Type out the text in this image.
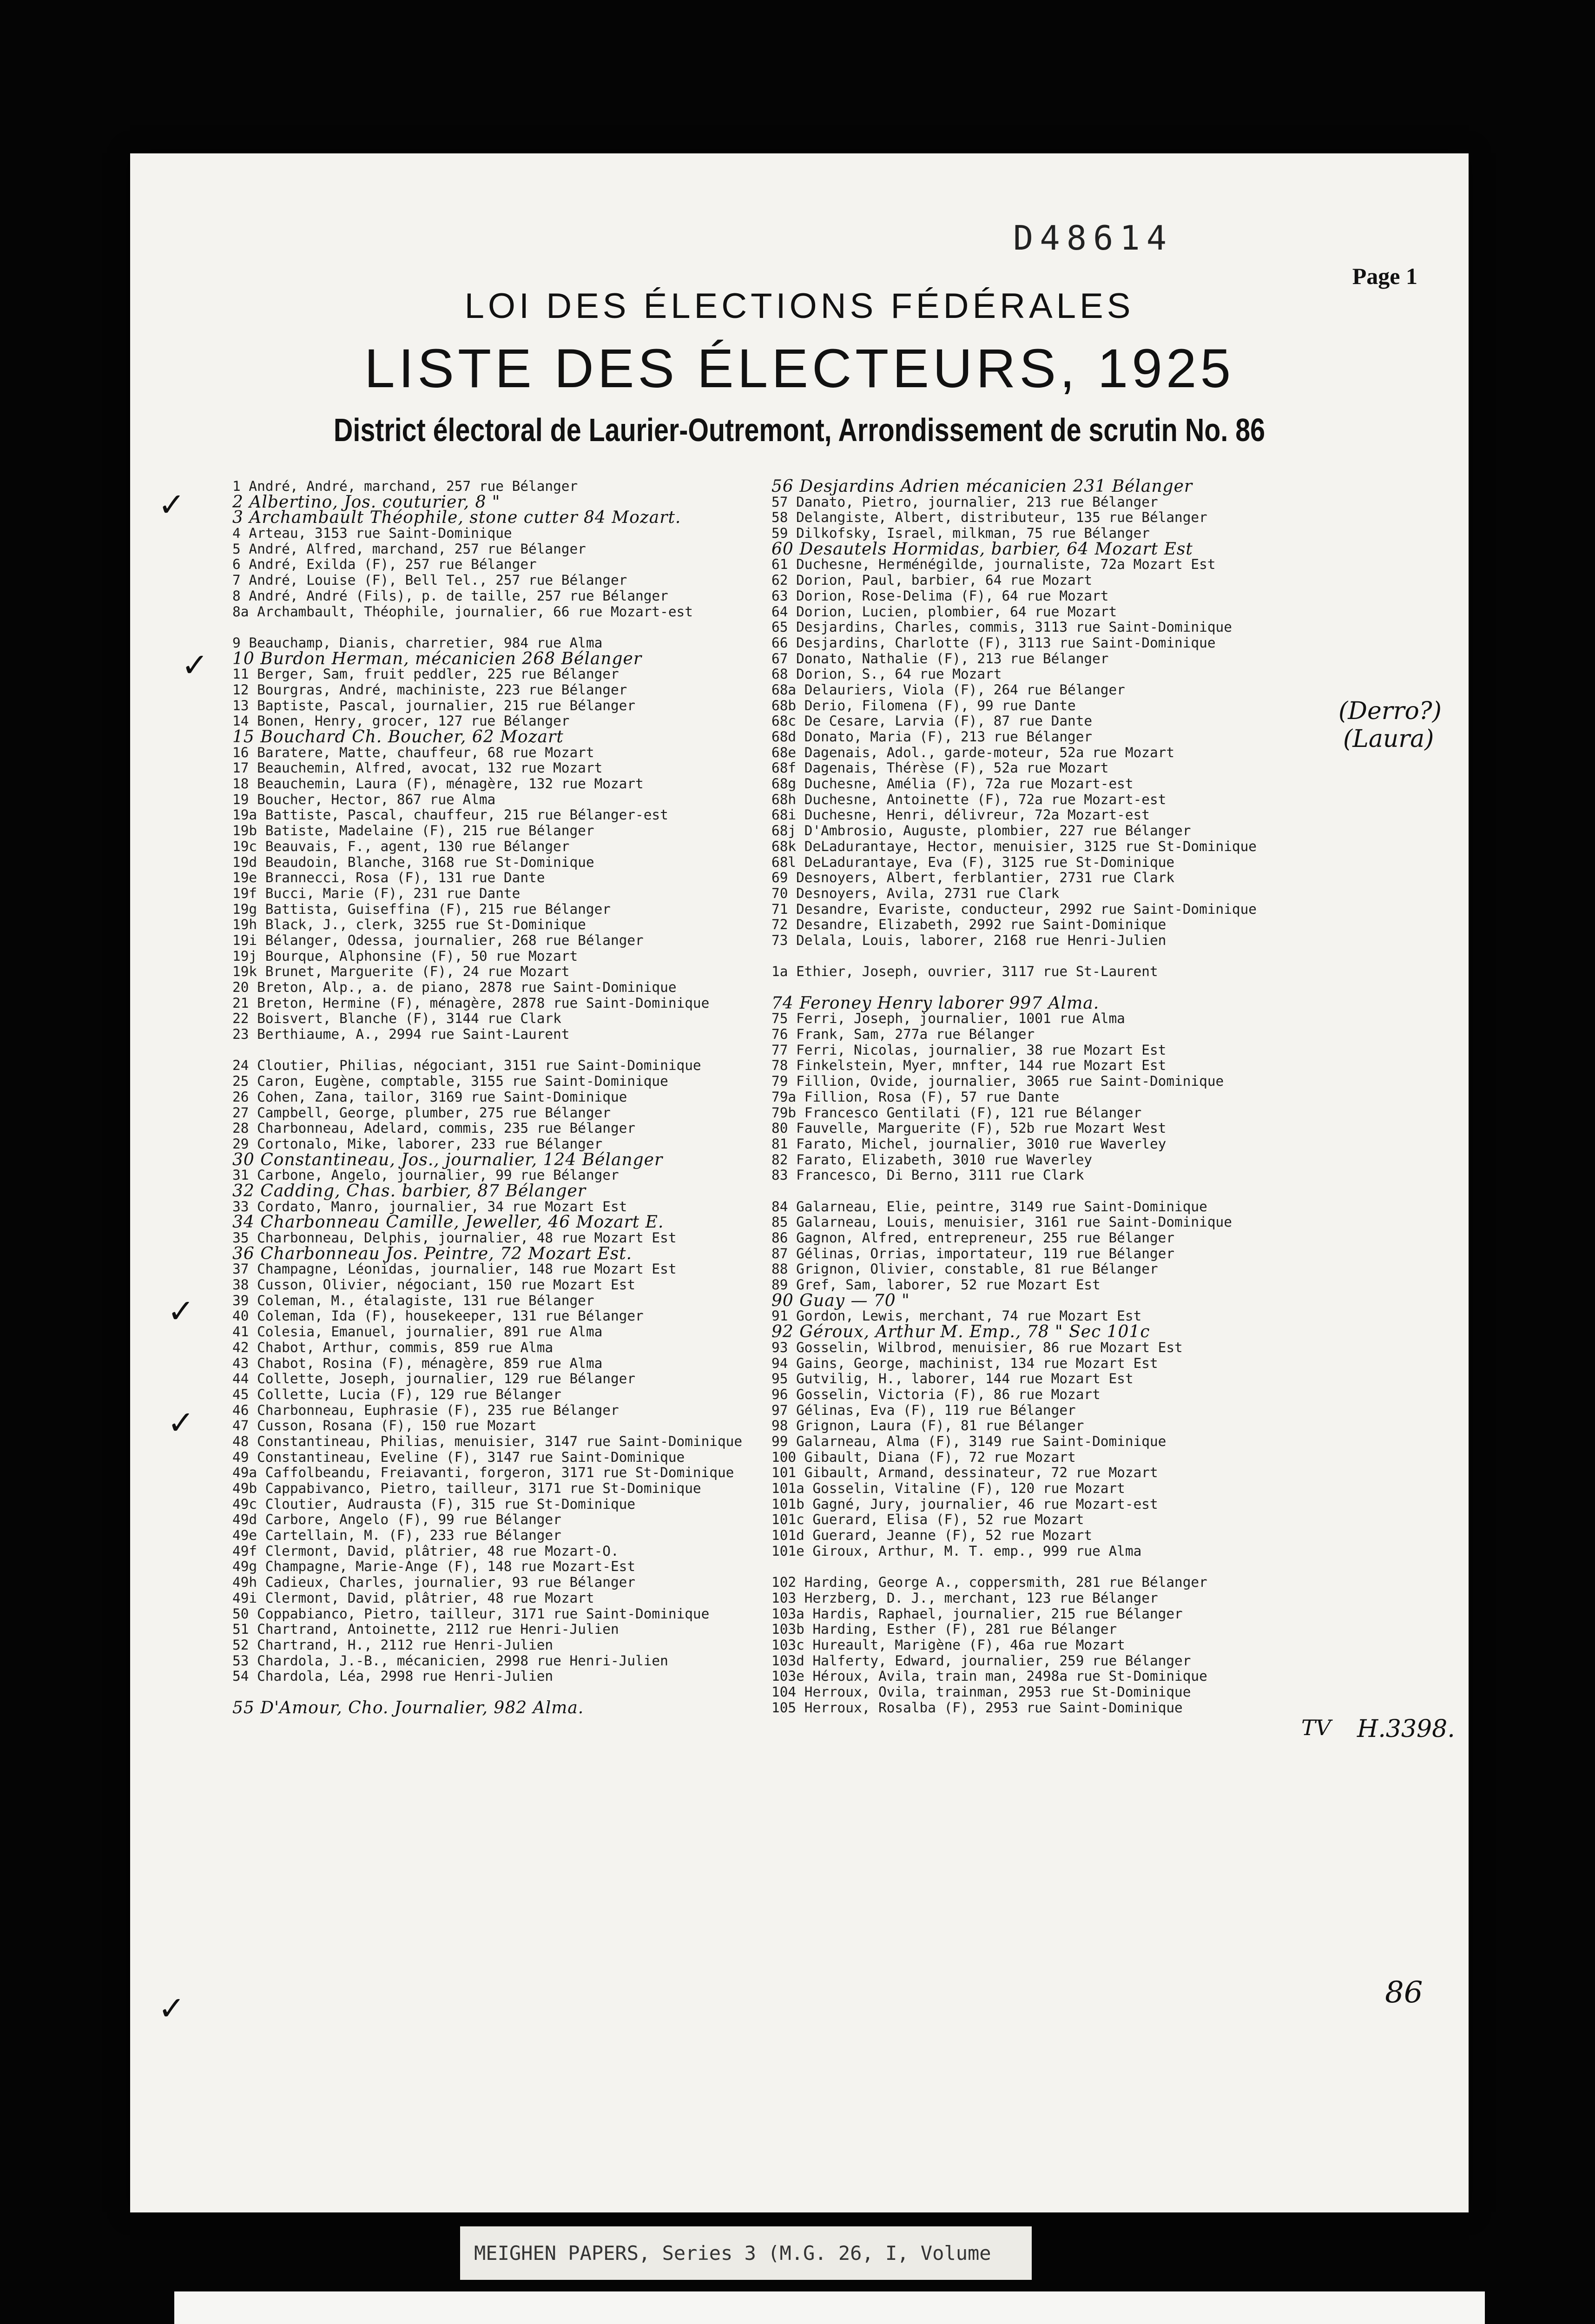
D48614
Page 1
LOI DES ÉLECTIONS FÉDÉRALES
LISTE DES ÉLECTEURS, 1925
District électoral de Laurier-Outremont, Arrondissement de scrutin No. 86
1 André, André, marchand, 257 rue Bélanger
2 Albertino, Jos. couturier, 8 "
3 Archambault Théophile, stone cutter 84 Mozart.
4 Arteau, 3153 rue Saint-Dominique
5 André, Alfred, marchand, 257 rue Bélanger
6 André, Exilda (F), 257 rue Bélanger
7 André, Louise (F), Bell Tel., 257 rue Bélanger
8 André, André (Fils), p. de taille, 257 rue Bélanger
8a Archambault, Théophile, journalier, 66 rue Mozart-est
9 Beauchamp, Dianis, charretier, 984 rue Alma
10 Burdon Herman, mécanicien 268 Bélanger
11 Berger, Sam, fruit peddler, 225 rue Bélanger
12 Bourgras, André, machiniste, 223 rue Bélanger
13 Baptiste, Pascal, journalier, 215 rue Bélanger
14 Bonen, Henry, grocer, 127 rue Bélanger
15 Bouchard Ch. Boucher, 62 Mozart
16 Baratere, Matte, chauffeur, 68 rue Mozart
17 Beauchemin, Alfred, avocat, 132 rue Mozart
18 Beauchemin, Laura (F), ménagère, 132 rue Mozart
19 Boucher, Hector, 867 rue Alma
19a Battiste, Pascal, chauffeur, 215 rue Bélanger-est
19b Batiste, Madelaine (F), 215 rue Bélanger
19c Beauvais, F., agent, 130 rue Bélanger
19d Beaudoin, Blanche, 3168 rue St-Dominique
19e Brannecci, Rosa (F), 131 rue Dante
19f Bucci, Marie (F), 231 rue Dante
19g Battista, Guiseffina (F), 215 rue Bélanger
19h Black, J., clerk, 3255 rue St-Dominique
19i Bélanger, Odessa, journalier, 268 rue Bélanger
19j Bourque, Alphonsine (F), 50 rue Mozart
19k Brunet, Marguerite (F), 24 rue Mozart
20 Breton, Alp., a. de piano, 2878 rue Saint-Dominique
21 Breton, Hermine (F), ménagère, 2878 rue Saint-Dominique
22 Boisvert, Blanche (F), 3144 rue Clark
23 Berthiaume, A., 2994 rue Saint-Laurent
24 Cloutier, Philias, négociant, 3151 rue Saint-Dominique
25 Caron, Eugène, comptable, 3155 rue Saint-Dominique
26 Cohen, Zana, tailor, 3169 rue Saint-Dominique
27 Campbell, George, plumber, 275 rue Bélanger
28 Charbonneau, Adelard, commis, 235 rue Bélanger
29 Cortonalo, Mike, laborer, 233 rue Bélanger
30 Constantineau, Jos., journalier, 124 Bélanger
31 Carbone, Angelo, journalier, 99 rue Bélanger
32 Cadding, Chas. barbier, 87 Bélanger
33 Cordato, Manro, journalier, 34 rue Mozart Est
34 Charbonneau Camille, Jeweller, 46 Mozart E.
35 Charbonneau, Delphis, journalier, 48 rue Mozart Est
36 Charbonneau Jos. Peintre, 72 Mozart Est.
37 Champagne, Léonidas, journalier, 148 rue Mozart Est
38 Cusson, Olivier, négociant, 150 rue Mozart Est
39 Coleman, M., étalagiste, 131 rue Bélanger
40 Coleman, Ida (F), housekeeper, 131 rue Bélanger
41 Colesia, Emanuel, journalier, 891 rue Alma
42 Chabot, Arthur, commis, 859 rue Alma
43 Chabot, Rosina (F), ménagère, 859 rue Alma
44 Collette, Joseph, journalier, 129 rue Bélanger
45 Collette, Lucia (F), 129 rue Bélanger
46 Charbonneau, Euphrasie (F), 235 rue Bélanger
47 Cusson, Rosana (F), 150 rue Mozart
48 Constantineau, Philias, menuisier, 3147 rue Saint-Dominique
49 Constantineau, Eveline (F), 3147 rue Saint-Dominique
49a Caffolbeandu, Freiavanti, forgeron, 3171 rue St-Dominique
49b Cappabivanco, Pietro, tailleur, 3171 rue St-Dominique
49c Cloutier, Audrausta (F), 315 rue St-Dominique
49d Carbore, Angelo (F), 99 rue Bélanger
49e Cartellain, M. (F), 233 rue Bélanger
49f Clermont, David, plâtrier, 48 rue Mozart-O.
49g Champagne, Marie-Ange (F), 148 rue Mozart-Est
49h Cadieux, Charles, journalier, 93 rue Bélanger
49i Clermont, David, plâtrier, 48 rue Mozart
50 Coppabianco, Pietro, tailleur, 3171 rue Saint-Dominique
51 Chartrand, Antoinette, 2112 rue Henri-Julien
52 Chartrand, H., 2112 rue Henri-Julien
53 Chardola, J.-B., mécanicien, 2998 rue Henri-Julien
54 Chardola, Léa, 2998 rue Henri-Julien
55 D'Amour, Cho. Journalier, 982 Alma.
56 Desjardins Adrien mécanicien 231 Bélanger
57 Danato, Pietro, journalier, 213 rue Bélanger
58 Delangiste, Albert, distributeur, 135 rue Bélanger
59 Dilkofsky, Israel, milkman, 75 rue Bélanger
60 Desautels Hormidas, barbier, 64 Mozart Est
61 Duchesne, Herménégilde, journaliste, 72a Mozart Est
62 Dorion, Paul, barbier, 64 rue Mozart
63 Dorion, Rose-Delima (F), 64 rue Mozart
64 Dorion, Lucien, plombier, 64 rue Mozart
65 Desjardins, Charles, commis, 3113 rue Saint-Dominique
66 Desjardins, Charlotte (F), 3113 rue Saint-Dominique
67 Donato, Nathalie (F), 213 rue Bélanger
68 Dorion, S., 64 rue Mozart
68a Delauriers, Viola (F), 264 rue Bélanger
68b Derio, Filomena (F), 99 rue Dante
68c De Cesare, Larvia (F), 87 rue Dante
68d Donato, Maria (F), 213 rue Bélanger
68e Dagenais, Adol., garde-moteur, 52a rue Mozart
68f Dagenais, Thérèse (F), 52a rue Mozart
68g Duchesne, Amélia (F), 72a rue Mozart-est
68h Duchesne, Antoinette (F), 72a rue Mozart-est
68i Duchesne, Henri, délivreur, 72a Mozart-est
68j D'Ambrosio, Auguste, plombier, 227 rue Bélanger
68k DeLadurantaye, Hector, menuisier, 3125 rue St-Dominique
68l DeLadurantaye, Eva (F), 3125 rue St-Dominique
69 Desnoyers, Albert, ferblantier, 2731 rue Clark
70 Desnoyers, Avila, 2731 rue Clark
71 Desandre, Evariste, conducteur, 2992 rue Saint-Dominique
72 Desandre, Elizabeth, 2992 rue Saint-Dominique
73 Delala, Louis, laborer, 2168 rue Henri-Julien
1a Ethier, Joseph, ouvrier, 3117 rue St-Laurent
74 Feroney Henry laborer 997 Alma.
75 Ferri, Joseph, journalier, 1001 rue Alma
76 Frank, Sam, 277a rue Bélanger
77 Ferri, Nicolas, journalier, 38 rue Mozart Est
78 Finkelstein, Myer, mnfter, 144 rue Mozart Est
79 Fillion, Ovide, journalier, 3065 rue Saint-Dominique
79a Fillion, Rosa (F), 57 rue Dante
79b Francesco Gentilati (F), 121 rue Bélanger
80 Fauvelle, Marguerite (F), 52b rue Mozart West
81 Farato, Michel, journalier, 3010 rue Waverley
82 Farato, Elizabeth, 3010 rue Waverley
83 Francesco, Di Berno, 3111 rue Clark
84 Galarneau, Elie, peintre, 3149 rue Saint-Dominique
85 Galarneau, Louis, menuisier, 3161 rue Saint-Dominique
86 Gagnon, Alfred, entrepreneur, 255 rue Bélanger
87 Gélinas, Orrias, importateur, 119 rue Bélanger
88 Grignon, Olivier, constable, 81 rue Bélanger
89 Gref, Sam, laborer, 52 rue Mozart Est
90 Guay — 70 "
91 Gordon, Lewis, merchant, 74 rue Mozart Est
92 Géroux, Arthur M. Emp., 78 " Sec 101c
93 Gosselin, Wilbrod, menuisier, 86 rue Mozart Est
94 Gains, George, machinist, 134 rue Mozart Est
95 Gutvilig, H., laborer, 144 rue Mozart Est
96 Gosselin, Victoria (F), 86 rue Mozart
97 Gélinas, Eva (F), 119 rue Bélanger
98 Grignon, Laura (F), 81 rue Bélanger
99 Galarneau, Alma (F), 3149 rue Saint-Dominique
100 Gibault, Diana (F), 72 rue Mozart
101 Gibault, Armand, dessinateur, 72 rue Mozart
101a Gosselin, Vitaline (F), 120 rue Mozart
101b Gagné, Jury, journalier, 46 rue Mozart-est
101c Guerard, Elisa (F), 52 rue Mozart
101d Guerard, Jeanne (F), 52 rue Mozart
101e Giroux, Arthur, M. T. emp., 999 rue Alma
102 Harding, George A., coppersmith, 281 rue Bélanger
103 Herzberg, D. J., merchant, 123 rue Bélanger
103a Hardis, Raphael, journalier, 215 rue Bélanger
103b Harding, Esther (F), 281 rue Bélanger
103c Hureault, Marigène (F), 46a rue Mozart
103d Halferty, Edward, journalier, 259 rue Bélanger
103e Héroux, Avila, train man, 2498a rue St-Dominique
104 Herroux, Ovila, trainman, 2953 rue St-Dominique
105 Herroux, Rosalba (F), 2953 rue Saint-Dominique
✓
✓
✓
✓
✓
(Derro?)
(Laura)
TV H.3398.
86
MEIGHEN PAPERS, Series 3 (M.G. 26, I, Volume
